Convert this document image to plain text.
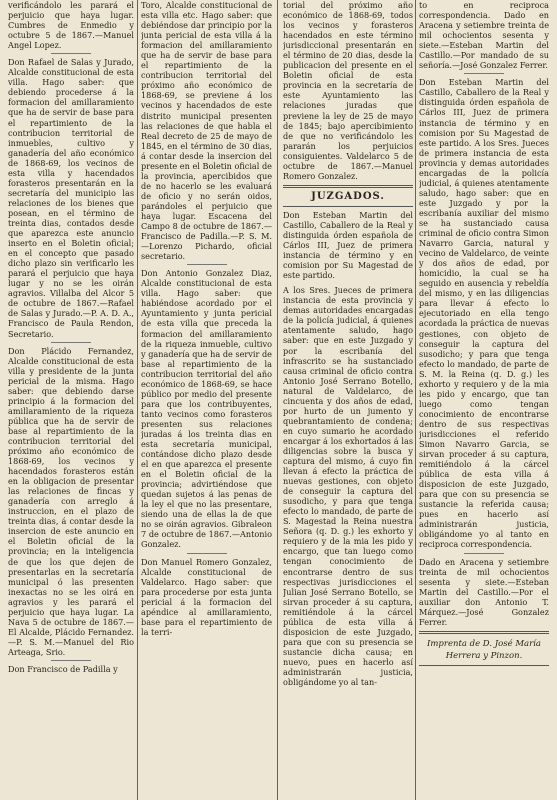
verificándolo les parará el perjuicio que haya lugar. Cumbres de Enmedio y octubre 5 de 1867.—Manuel Angel Lopez.

Don Rafael de Salas y Jurado, Alcalde constitucional de esta villa. Hago saber: que debiendo procederse á la formacion del amillaramiento que ha de servir de base para el repartimiento de la contribucion territorial de inmuebles, cultivo y ganadería del año económico de 1868-69, los vecinos de esta villa y hacendados forasteros presentarán en la secretaría del municipio las relaciones de los bienes que posean, en el término de treinta dias, contados desde que aparezca este anuncio inserto en el Boletin oficial; en el concepto que pasado dicho plazo sin verificarlo les parará el perjuicio que haya lugar y no se les oirán agravios. Villalba del Alcor 5 de octubre de 1867.—Rafael de Salas y Jurado.—P. A. D. A., Francisco de Paula Rendon, Secretario.

Don Plácido Fernandez, Alcalde constitucional de esta villa y presidente de la junta pericial de la misma. Hago saber: que debiendo darse principio á la formacion del amillaramiento de la riqueza pública que ha de servir de base al repartimiento de la contribucion territorial del próximo año económico de 1868-69, los vecinos y hacendados forasteros están en la obligacion de presentar las relaciones de fincas y ganadería con arreglo á instruccion, en el plazo de treinta dias, á contar desde la insercion de este anuncio en el Boletin oficial de la provincia; en la inteligencia de que los que dejen de presentarlas en la secretaría municipal ó las presenten inexactas no se les oirá en agravios y les parará el perjuicio que haya lugar. La Nava 5 de octubre de 1867.—El Alcalde, Plácido Fernandez.—P. S. M.—Manuel del Rio Arteaga, Srio.

Don Francisco de Padilla y

Toro, Alcalde constitucional de esta villa etc. Hago saber: que debiéndose dar principio por la junta pericial de esta villa á la formacion del amillaramiento que ha de servir de base para el repartimiento de la contribucion territorial del próximo año económico de 1868-69, se previene á los vecinos y hacendados de este distrito municipal presenten las relaciones de que habla el Real decreto de 25 de mayo de 1845, en el término de 30 dias, á contar desde la insercion del presente en el Boletin oficial de la provincia, apercibidos que de no hacerlo se les evaluará de oficio y no serán oidos, parándoles el perjuicio que haya lugar. Escacena del Campo 8 de octubre de 1867.—Francisco de Padilla.—P. S. M.—Lorenzo Pichardo, oficial secretario.

Don Antonio Gonzalez Diaz, Alcalde constitucional de esta villa. Hago saber: que habiéndose acordado por el Ayuntamiento y junta pericial de esta villa que preceda la formacion del amillaramiento de la riqueza inmueble, cultivo y ganadería que ha de servir de base al repartimiento de la contribucion territorial del año económico de 1868-69, se hace público por medio del presente para que los contribuyentes, tanto vecinos como forasteros presenten sus relaciones juradas á los treinta dias en esta secretaría municipal, contándose dicho plazo desde el en que aparezca el presente en el Boletin oficial de la provincia; advirtiéndose que quedan sujetos á las penas de la ley el que no las presentare, siendo una de ellas la de que no se oirán agravios. Gibraleon 7 de octubre de 1867.—Antonio Gonzalez.

Don Manuel Romero Gonzalez, Alcalde constitucional de Valdelarco. Hago saber: que para procederse por esta junta pericial á la formacion del apéndice al amillaramiento, base para el repartimiento de la terri-

torial del próximo año económico de 1868-69, todos los vecinos y forasteros hacendados en este término jurisdiccional presentarán en el término de 20 dias, desde la publicacion del presente en el Boletin oficial de esta provincia en la secretaría de este Ayuntamiento las relaciones juradas que previene la ley de 25 de mayo de 1845; bajo apercibimiento de que no verificándolo les pararán los perjuicios consiguientes. Valdelarco 5 de octubre de 1867.—Manuel Romero Gonzalez.

JUZGADOS.

Don Esteban Martin del Castillo, Caballero de la Real y distinguida órden española de Cárlos III, Juez de primera instancia de término y en comision por Su Magestad de este partido.

A los Sres. Jueces de primera instancia de esta provincia y demas autoridades encargadas de la policía judicial, á quienes atentamente saludo, hago saber: que en este Juzgado y por la escribanía del infrascrito se ha sustanciado causa criminal de oficio contra Antonio José Serrano Botello, natural de Valdelarco, de cincuenta y dos años de edad, por hurto de un jumento y quebrantamiento de condena; en cuyo sumario he acordado encargar á los exhortados á las diligencias sobre la busca y captura del mismo, á cuyo fin llevan á efecto la práctica de nuevas gestiones, con objeto de conseguir la captura del susodicho, y para que tenga efecto lo mandado, de parte de S. Magestad la Reina nuestra Señora (q. D. g.) les exhorto y requiero y de la mia les pido y encargo, que tan luego como tengan conocimiento de encontrarse dentro de sus respectivas jurisdicciones el Julian José Serrano Botello, se sirvan proceder á su captura, remitiéndole á la cárcel pública de esta villa á disposicion de este Juzgado, para que con su presencia se sustancie dicha causa; en nuevo, pues en hacerlo así administrarán justicia, obligándome yo al tan-

to en reciproca correspondencia. Dado en Aracena y setiembre treinta de mil ochocientos sesenta y siete.—Esteban Martin del Castillo.—Por mandado de su señoría.—José Gonzalez Ferrer.

Don Esteban Martin del Castillo, Caballero de la Real y distinguida órden española de Cárlos III, Juez de primera instancia de término y en comision por Su Magestad de este partido. A los Sres. Jueces de primera instancia de esta provincia y demas autoridades encargadas de la policía judicial, á quienes atentamente saludo, hago saber: que en este Juzgado y por la escribanía auxiliar del mismo se ha sustanciado causa criminal de oficio contra Simon Navarro Garcia, natural y vecino de Valdelarco, de veinte y dos años de edad, por homicidio, la cual se ha seguido en ausencia y rebeldía del mismo, y en las diligencias para llevar á efecto lo ejecutoriado en ella tengo acordada la práctica de nuevas gestiones, con objeto de conseguir la captura del susodicho; y para que tenga efecto lo mandado, de parte de S. M. la Reina (q. D. g.) les exhorto y requiero y de la mia les pido y encargo, que tan luego como tengan conocimiento de encontrarse dentro de sus respectivas jurisdicciones el referido Simon Navarro Garcia, se sirvan proceder á su captura, remitiéndolo á la cárcel pública de esta villa á disposicion de este Juzgado, para que con su presencia se sustancie la referida causa; pues en hacerlo así administrarán justicia, obligándome yo al tanto en reciproca correspondencia.

Dado en Aracena y setiembre treinta de mil ochocientos sesenta y siete.—Esteban Martin del Castillo.—Por el auxiliar don Antonio T. Márquez.—José Gonzalez Ferrer.

Imprenta de D. José María

Herrera y Pinzon.
